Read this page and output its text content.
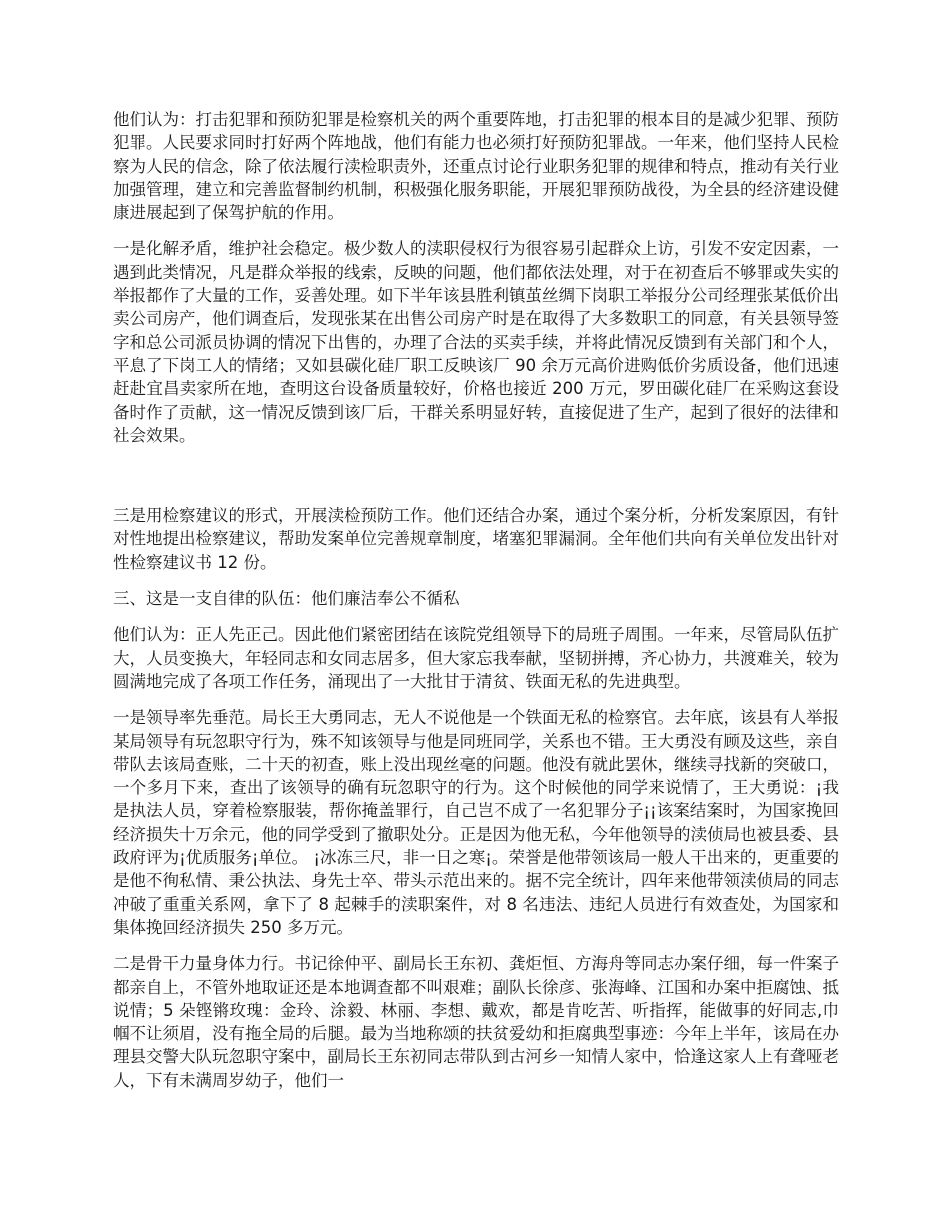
他们认为：打击犯罪和预防犯罪是检察机关的两个重要阵地，打击犯罪的根本目的是减少犯罪、预防犯罪。人民要求同时打好两个阵地战，他们有能力也必须打好预防犯罪战。一年来，他们坚持人民检察为人民的信念，除了依法履行渎检职责外，还重点讨论行业职务犯罪的规律和特点，推动有关行业加强管理，建立和完善监督制约机制，积极强化服务职能，开展犯罪预防战役，为全县的经济建设健康进展起到了保驾护航的作用。

一是化解矛盾，维护社会稳定。极少数人的渎职侵权行为很容易引起群众上访，引发不安定因素，一遇到此类情况，凡是群众举报的线索，反映的问题，他们都依法处理，对于在初查后不够罪或失实的举报都作了大量的工作，妥善处理。如下半年该县胜利镇茧丝绸下岗职工举报分公司经理张某低价出卖公司房产，他们调查后，发现张某在出售公司房产时是在取得了大多数职工的同意，有关县领导签字和总公司派员协调的情况下出售的，办理了合法的买卖手续，并将此情况反馈到有关部门和个人，平息了下岗工人的情绪；又如县碳化硅厂职工反映该厂 90 余万元高价进购低价劣质设备，他们迅速赶赴宜昌卖家所在地，查明这台设备质量较好，价格也接近 200 万元，罗田碳化硅厂在采购这套设备时作了贡献，这一情况反馈到该厂后，干群关系明显好转，直接促进了生产，起到了很好的法律和社会效果。

三是用检察建议的形式，开展渎检预防工作。他们还结合办案，通过个案分析，分析发案原因，有针对性地提出检察建议，帮助发案单位完善规章制度，堵塞犯罪漏洞。全年他们共向有关单位发出针对性检察建议书 12 份。

三、这是一支自律的队伍：他们廉洁奉公不循私

他们认为：正人先正己。因此他们紧密团结在该院党组领导下的局班子周围。一年来，尽管局队伍扩大，人员变换大，年轻同志和女同志居多，但大家忘我奉献，坚韧拼搏，齐心协力，共渡难关，较为圆满地完成了各项工作任务，涌现出了一大批甘于清贫、铁面无私的先进典型。

一是领导率先垂范。局长王大勇同志，无人不说他是一个铁面无私的检察官。去年底，该县有人举报某局领导有玩忽职守行为，殊不知该领导与他是同班同学，关系也不错。王大勇没有顾及这些，亲自带队去该局查账，二十天的初查，账上没出现丝毫的问题。他没有就此罢休，继续寻找新的突破口，一个多月下来，查出了该领导的确有玩忽职守的行为。这个时候他的同学来说情了，王大勇说：¡我是执法人员，穿着检察服装，帮你掩盖罪行，自己岂不成了一名犯罪分子¡¡该案结案时，为国家挽回经济损失十万余元，他的同学受到了撤职处分。正是因为他无私，今年他领导的渎侦局也被县委、县政府评为¡优质服务¡单位。 ¡冰冻三尺，非一日之寒¡。荣誉是他带领该局一般人干出来的，更重要的是他不徇私情、秉公执法、身先士卒、带头示范出来的。据不完全统计，四年来他带领渎侦局的同志冲破了重重关系网，拿下了 8 起棘手的渎职案件，对 8 名违法、违纪人员进行有效查处，为国家和集体挽回经济损失 250 多万元。

二是骨干力量身体力行。书记徐仲平、副局长王东初、龚炬恒、方海舟等同志办案仔细，每一件案子都亲自上，不管外地取证还是本地调查都不叫艰难；副队长徐彦、张海峰、江国和办案中拒腐蚀、抵说情；5 朵铿锵玫瑰：金玲、涂毅、林丽、李想、戴欢，都是肯吃苦、听指挥，能做事的好同志,巾帼不让须眉，没有拖全局的后腿。最为当地称颂的扶贫爱幼和拒腐典型事迹：今年上半年，该局在办理县交警大队玩忽职守案中，副局长王东初同志带队到古河乡一知情人家中，恰逢这家人上有聋哑老人，下有未满周岁幼子，他们一
